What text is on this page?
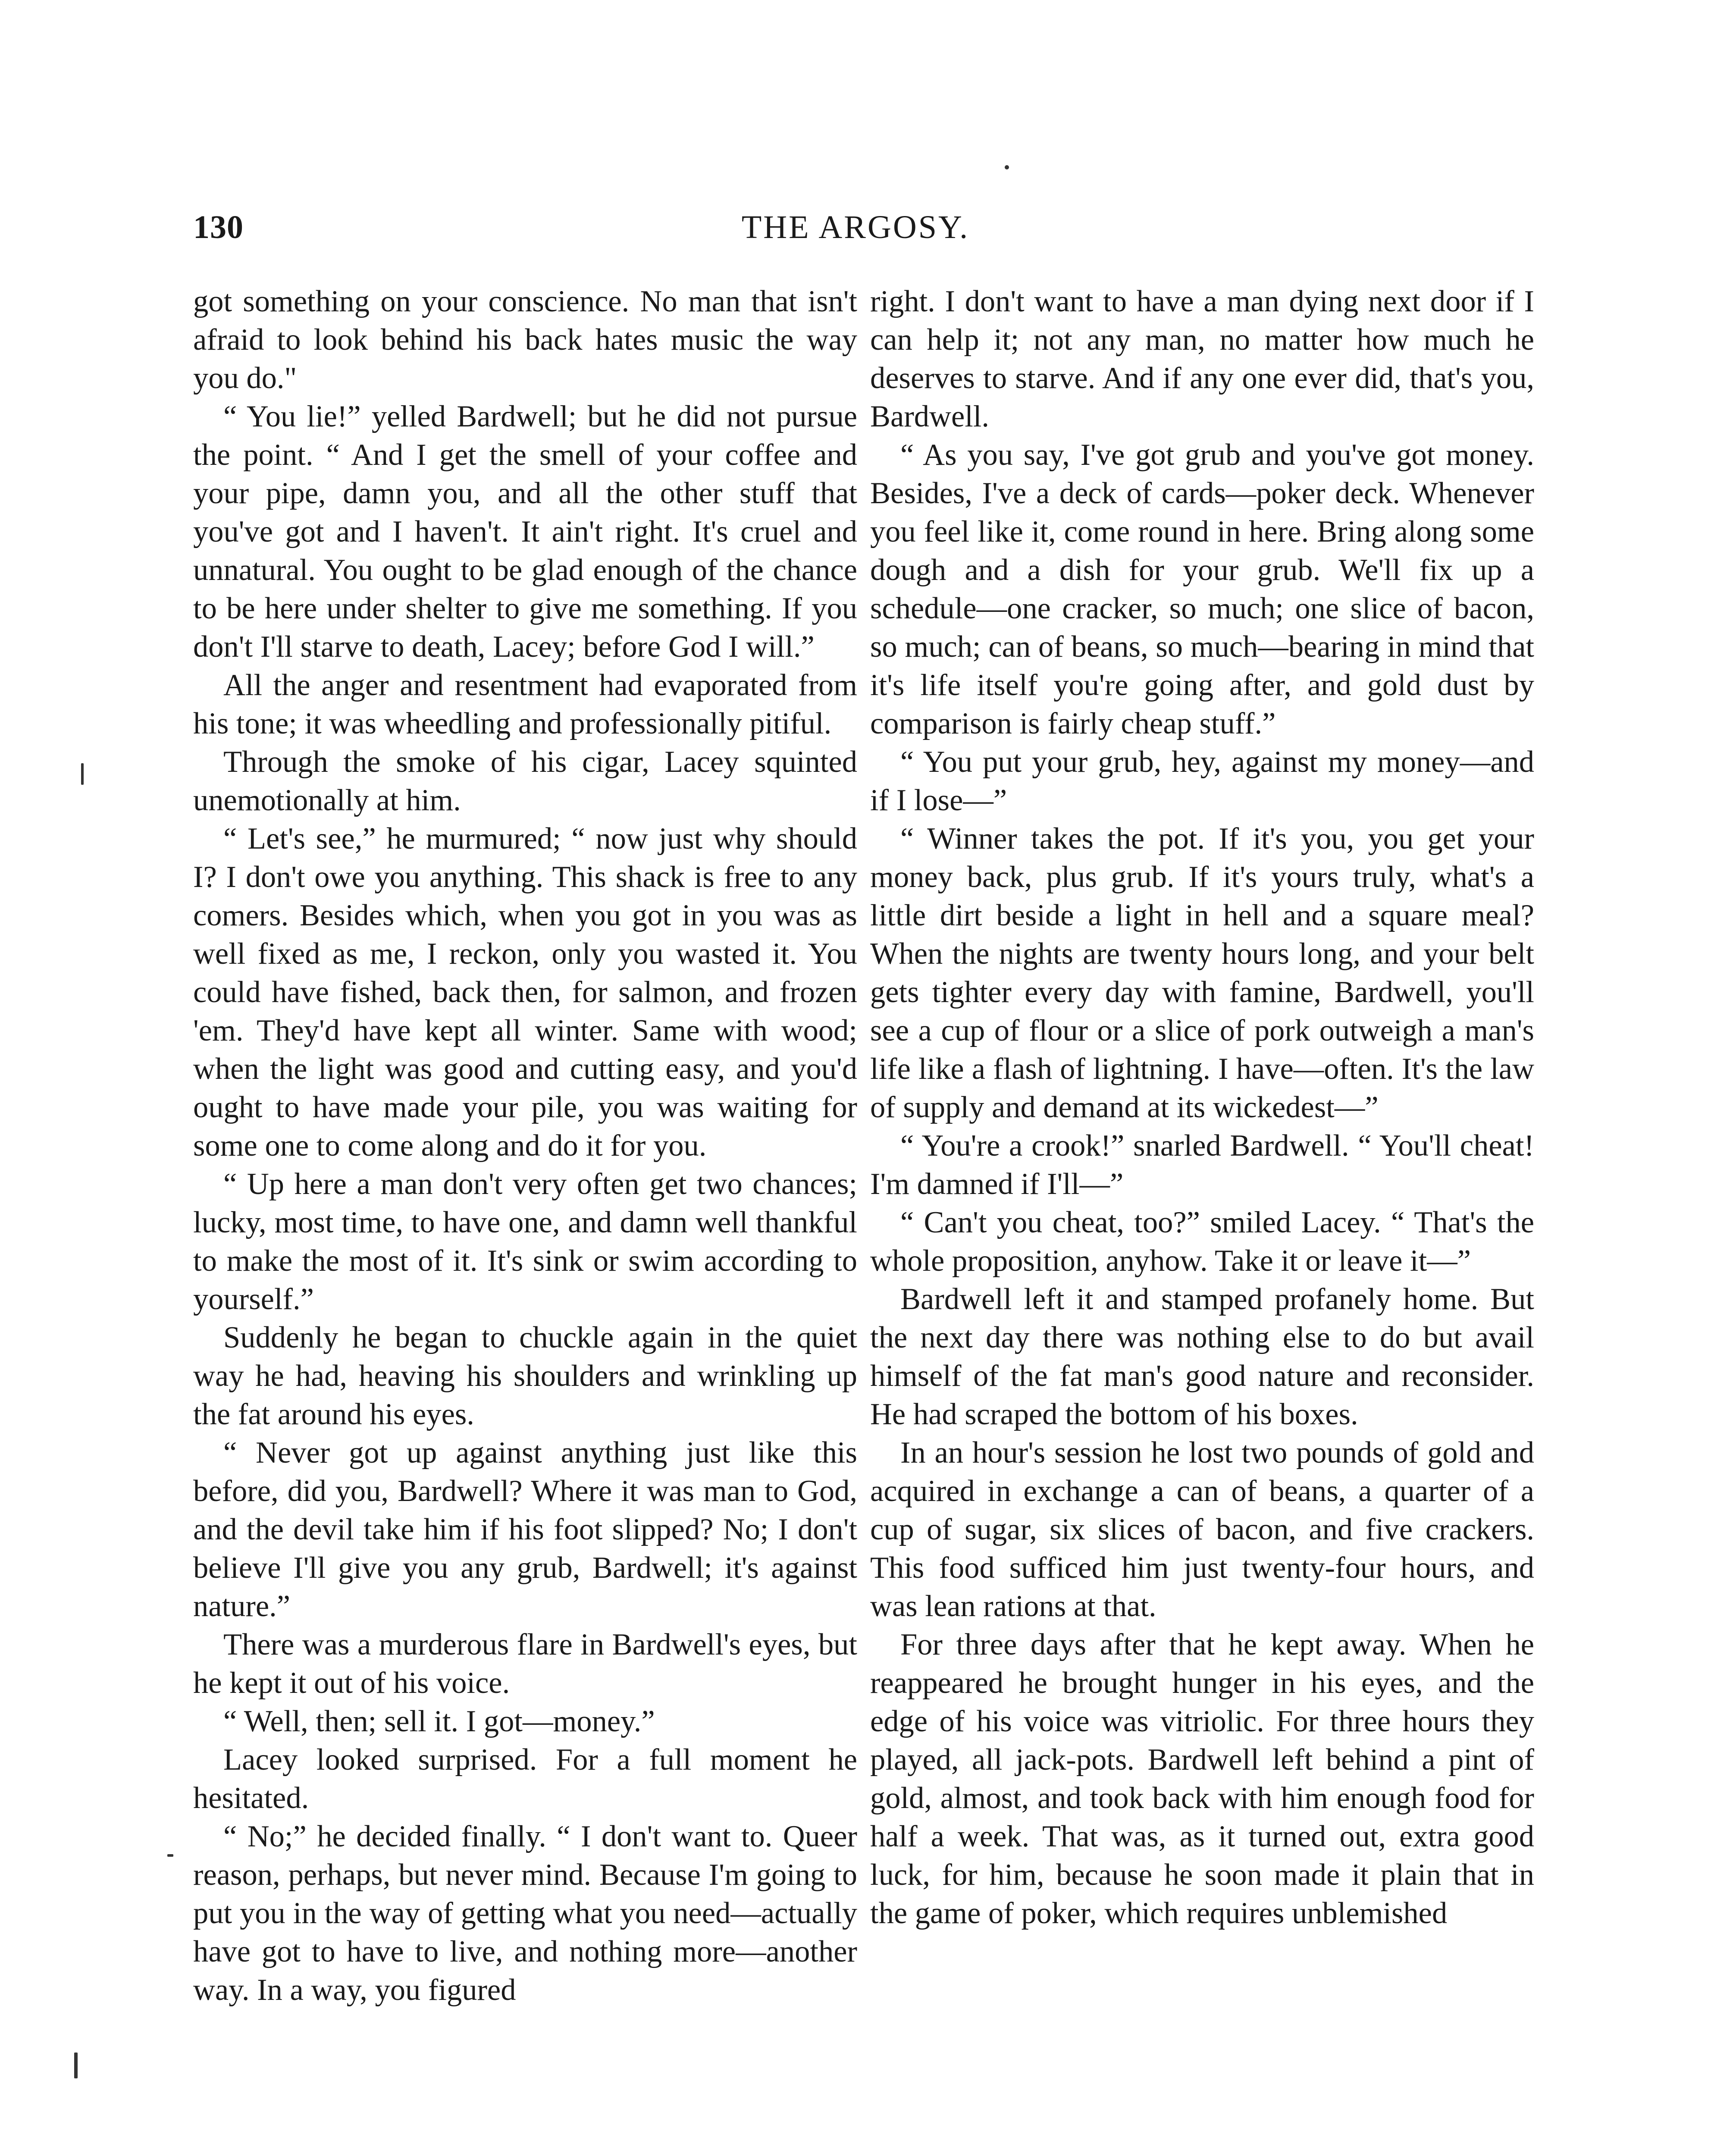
130	THE ARGOSY.

got something on your conscience. No man that isn't afraid to look behind his back hates music the way you do."

“ You lie!” yelled Bardwell; but he did not pursue the point. “ And I get the smell of your coffee and your pipe, damn you, and all the other stuff that you've got and I haven't. It ain't right. It's cruel and unnatural. You ought to be glad enough of the chance to be here under shelter to give me something. If you don't I'll starve to death, Lacey; before God I will.”

All the anger and resentment had evaporated from his tone; it was wheedling and professionally pitiful.

Through the smoke of his cigar, Lacey squinted unemotionally at him.

“ Let's see,” he murmured; “ now just why should I? I don't owe you anything. This shack is free to any comers. Besides which, when you got in you was as well fixed as me, I reckon, only you wasted it. You could have fished, back then, for salmon, and frozen 'em. They'd have kept all winter. Same with wood; when the light was good and cutting easy, and you'd ought to have made your pile, you was waiting for some one to come along and do it for you.

“ Up here a man don't very often get two chances; lucky, most time, to have one, and damn well thankful to make the most of it. It's sink or swim according to yourself.”

Suddenly he began to chuckle again in the quiet way he had, heaving his shoulders and wrinkling up the fat around his eyes.

“ Never got up against anything just like this before, did you, Bardwell? Where it was man to God, and the devil take him if his foot slipped? No; I don't believe I'll give you any grub, Bardwell; it's against nature.”

There was a murderous flare in Bardwell's eyes, but he kept it out of his voice.

“ Well, then; sell it. I got—money.”

Lacey looked surprised. For a full moment he hesitated.

“ No;” he decided finally. “ I don't want to. Queer reason, perhaps, but never mind. Because I'm going to put you in the way of getting what you need—actually have got to have to live, and nothing more—another way. In a way, you figured

right. I don't want to have a man dying next door if I can help it; not any man, no matter how much he deserves to starve. And if any one ever did, that's you, Bardwell.

“ As you say, I've got grub and you've got money. Besides, I've a deck of cards—poker deck. Whenever you feel like it, come round in here. Bring along some dough and a dish for your grub. We'll fix up a schedule—one cracker, so much; one slice of bacon, so much; can of beans, so much—bearing in mind that it's life itself you're going after, and gold dust by comparison is fairly cheap stuff.”

“ You put your grub, hey, against my money—and if I lose—”

“ Winner takes the pot. If it's you, you get your money back, plus grub. If it's yours truly, what's a little dirt beside a light in hell and a square meal? When the nights are twenty hours long, and your belt gets tighter every day with famine, Bardwell, you'll see a cup of flour or a slice of pork outweigh a man's life like a flash of lightning. I have—often. It's the law of supply and demand at its wickedest—”

“ You're a crook!” snarled Bardwell. “ You'll cheat! I'm damned if I'll—”

“ Can't you cheat, too?” smiled Lacey. “ That's the whole proposition, anyhow. Take it or leave it—”

Bardwell left it and stamped profanely home. But the next day there was nothing else to do but avail himself of the fat man's good nature and reconsider. He had scraped the bottom of his boxes.

In an hour's session he lost two pounds of gold and acquired in exchange a can of beans, a quarter of a cup of sugar, six slices of bacon, and five crackers. This food sufficed him just twenty-four hours, and was lean rations at that.

For three days after that he kept away. When he reappeared he brought hunger in his eyes, and the edge of his voice was vitriolic. For three hours they played, all jack-pots. Bardwell left behind a pint of gold, almost, and took back with him enough food for half a week. That was, as it turned out, extra good luck, for him, because he soon made it plain that in the game of poker, which requires unblemished
